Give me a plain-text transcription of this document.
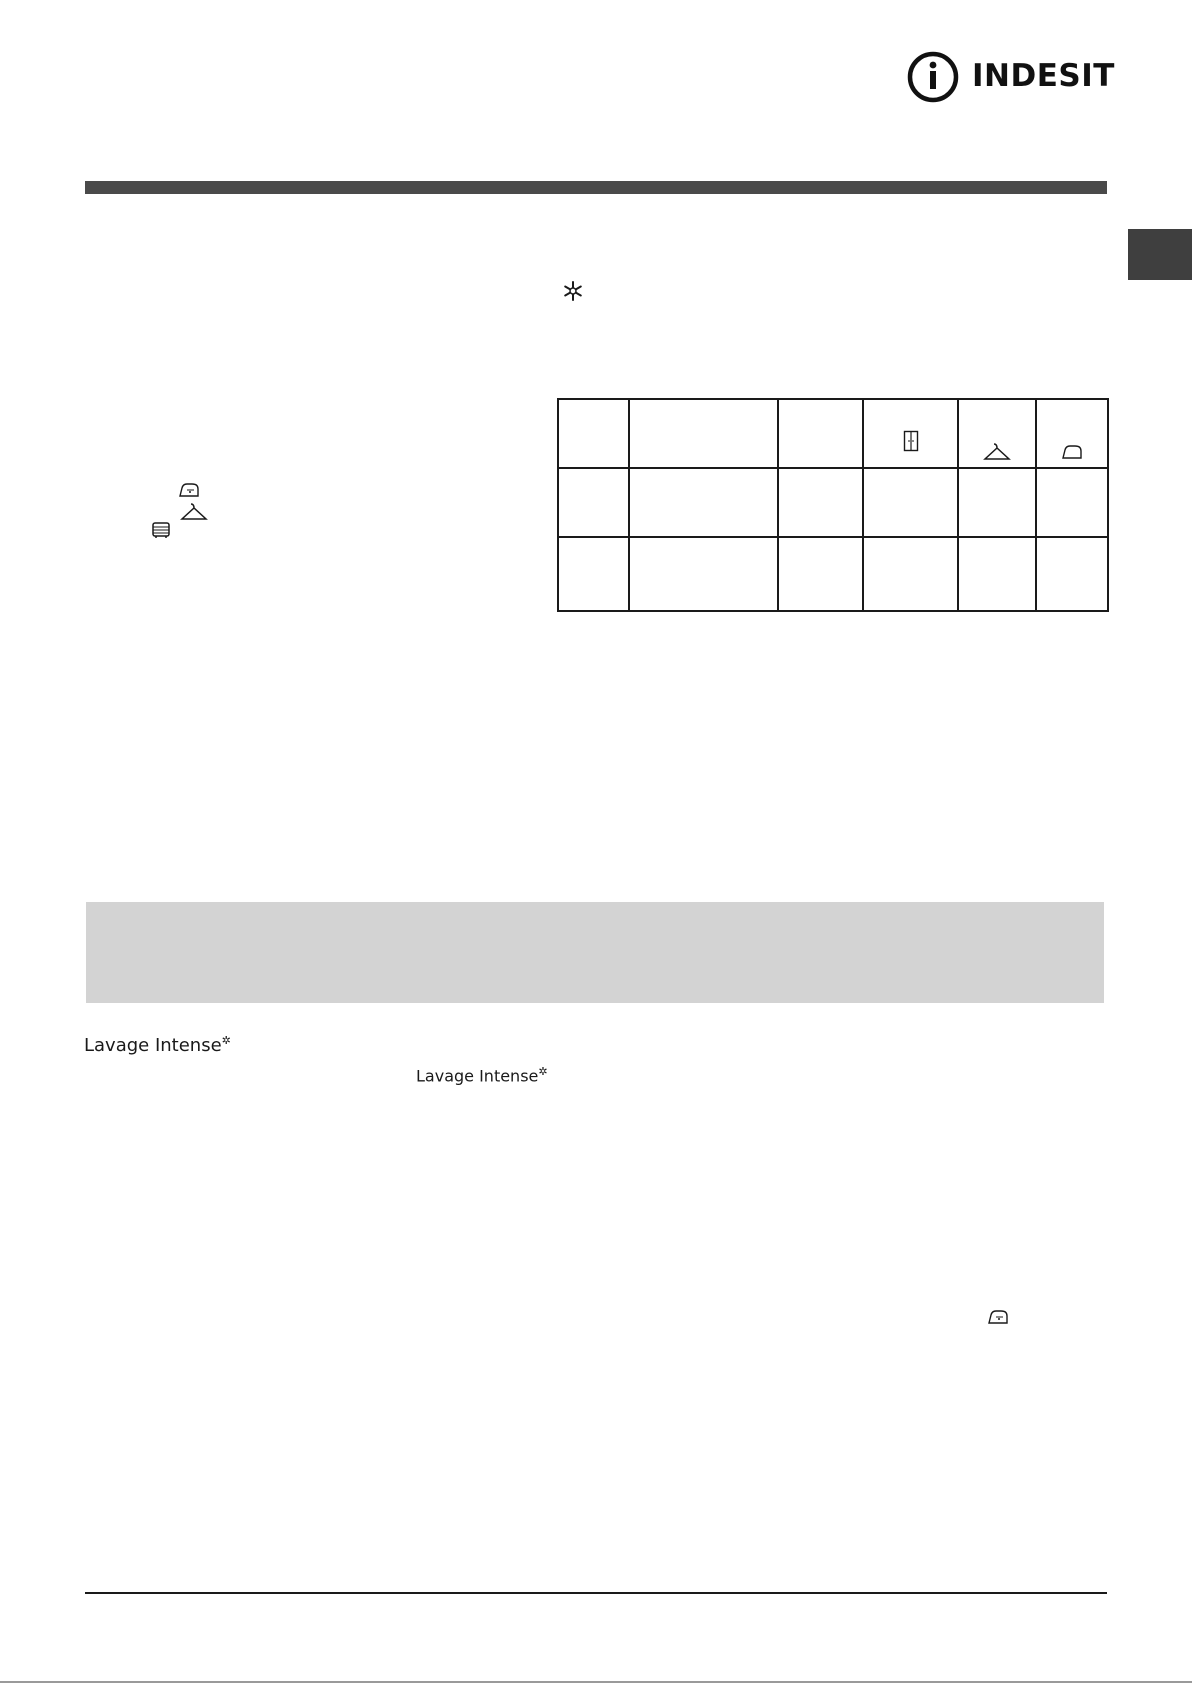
INDESIT

Lavage Intense✲
Lavage Intense✲
